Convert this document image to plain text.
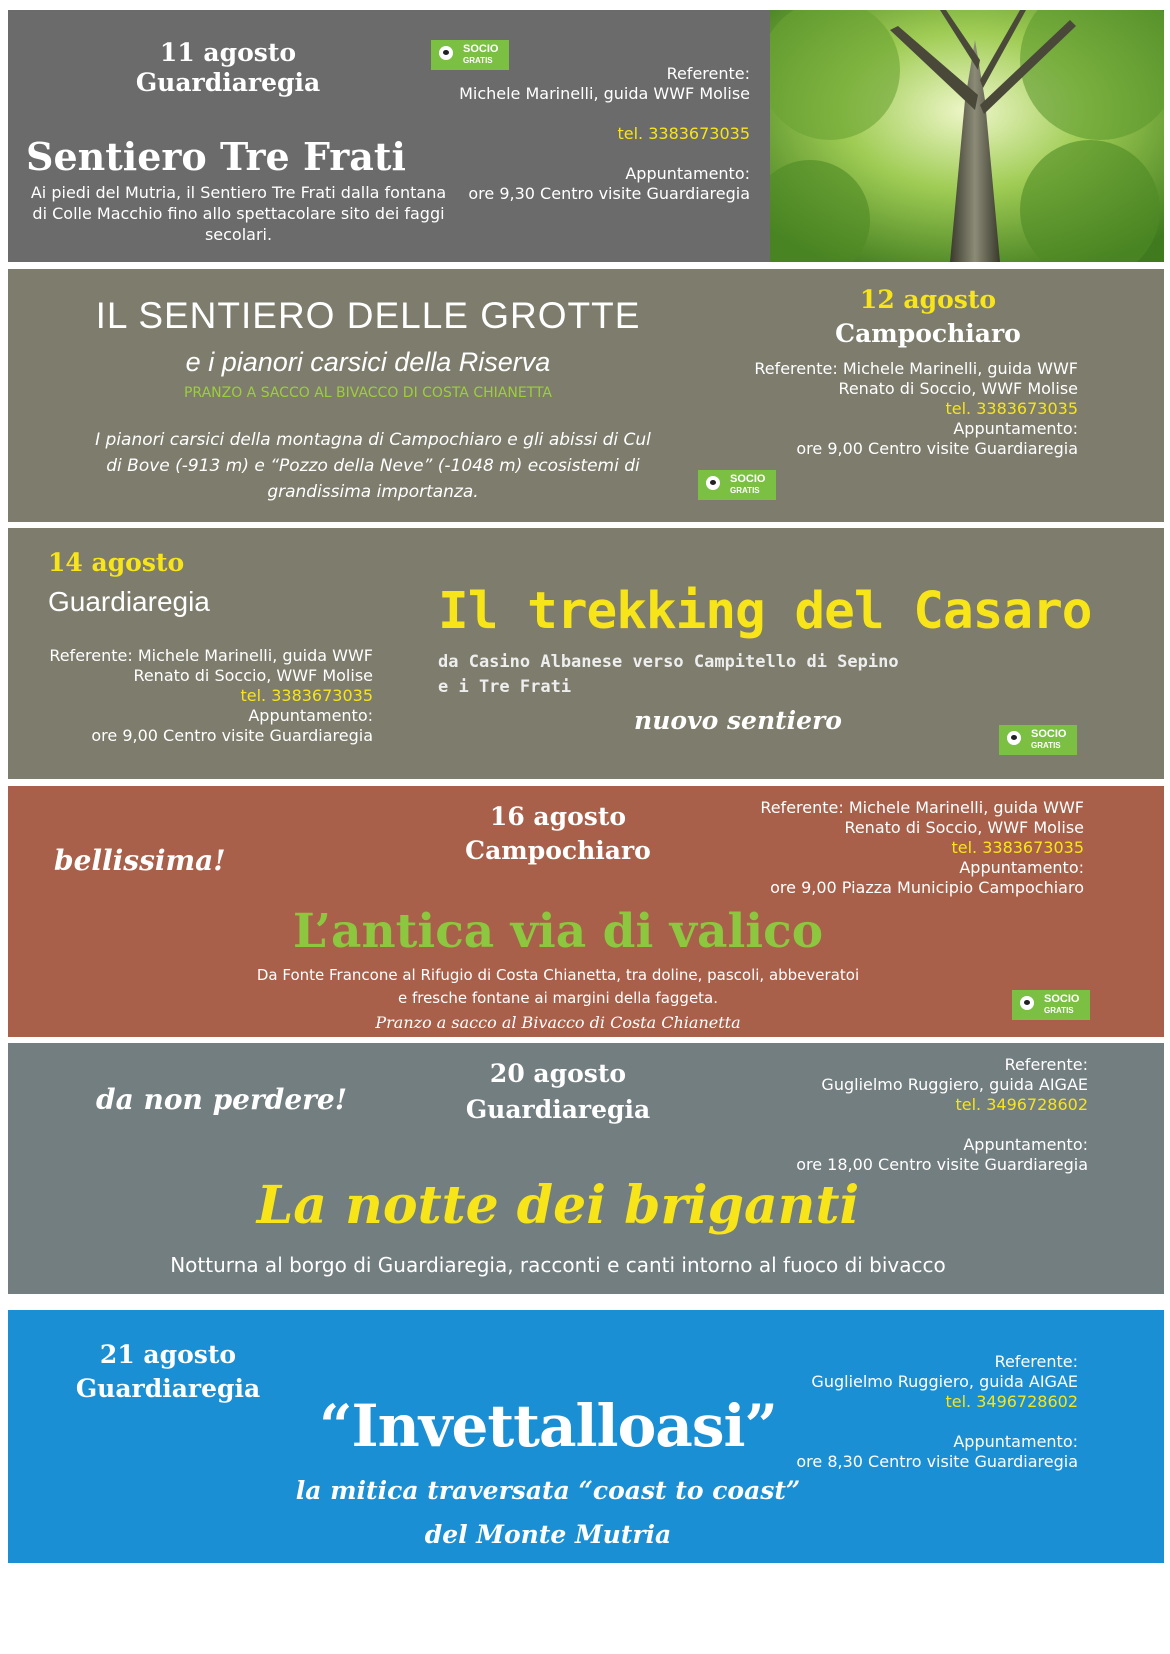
11 agosto
Guardiaregia
Sentiero Tre Frati
Ai piedi del Mutria, il Sentiero Tre Frati dalla fontana di Colle Macchio fino allo spettacolare sito dei faggi secolari.
SOCIO
GRATIS
Referente:
Michele Marinelli, guida WWF Molise
tel. 3383673035
Appuntamento:
ore 9,30 Centro visite Guardiaregia
IL SENTIERO DELLE GROTTE
e i pianori carsici della Riserva
PRANZO A SACCO AL BIVACCO DI COSTA CHIANETTA
I pianori carsici della montagna di Campochiaro e gli abissi di Cul di Bove (-913 m) e “Pozzo della Neve” (-1048 m) ecosistemi di grandissima importanza.
12 agosto
Campochiaro
Referente: Michele Marinelli, guida WWF
Renato di Soccio, WWF Molise
tel. 3383673035
Appuntamento:
ore 9,00 Centro visite Guardiaregia
SOCIO
GRATIS
14 agosto
Guardiaregia
Referente: Michele Marinelli, guida WWF
Renato di Soccio, WWF Molise
tel. 3383673035
Appuntamento:
ore 9,00 Centro visite Guardiaregia
Il trekking del Casaro
da Casino Albanese verso Campitello di Sepino
e i Tre Frati
nuovo sentiero	SOCIO
GRATIS
bellissima!
16 agosto
Campochiaro
Referente: Michele Marinelli, guida WWF
Renato di Soccio, WWF Molise
tel. 3383673035
Appuntamento:
ore 9,00 Piazza Municipio Campochiaro
L’antica via di valico
Da Fonte Francone al Rifugio di Costa Chianetta, tra doline, pascoli, abbeveratoi
e fresche fontane ai margini della faggeta.
Pranzo a sacco al Bivacco di Costa Chianetta
SOCIO
GRATIS
da non perdere!
20 agosto
Guardiaregia
Referente:
Guglielmo Ruggiero, guida AIGAE
tel. 3496728602
Appuntamento:
ore 18,00 Centro visite Guardiaregia
La notte dei briganti
Notturna al borgo di Guardiaregia, racconti e canti intorno al fuoco di bivacco
21 agosto
Guardiaregia
“Invettalloasi”
la mitica traversata “coast to coast”
del Monte Mutria
Referente:
Guglielmo Ruggiero, guida AIGAE
tel. 3496728602
Appuntamento:
ore 8,30 Centro visite Guardiaregia
